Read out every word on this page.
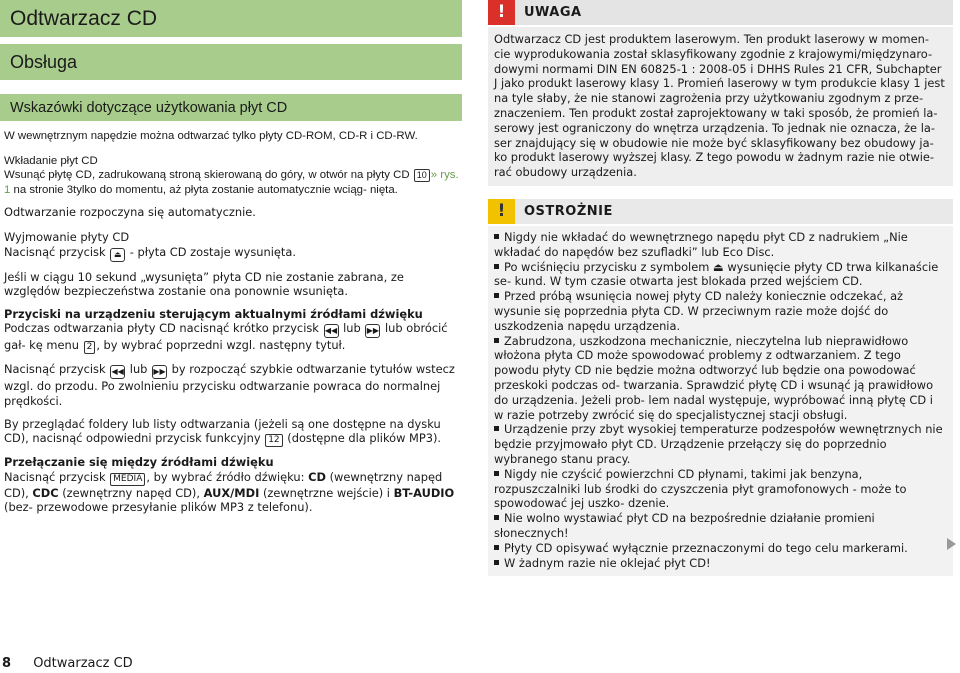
Odtwarzacz CD
Obsługa
Wskazówki dotyczące użytkowania płyt CD

W wewnętrznym napędzie można odtwarzać tylko płyty CD-ROM, CD-R i CD-RW.

Wkładanie płyt CD

Wsunąć płytę CD, zadrukowaną stroną skierowaną do góry, w otwór na płyty CD 10 » rys. 1 na stronie 3tylko do momentu, aż płyta zostanie automatycznie wciąg- nięta.

Odtwarzanie rozpoczyna się automatycznie.

Wyjmowanie płyty CD

Nacisnąć przycisk ⏏ - płyta CD zostaje wysunięta.

Jeśli w ciągu 10 sekund „wysunięta” płyta CD nie zostanie zabrana, ze względów bezpieczeństwa zostanie ona ponownie wsunięta.

Przyciski na urządzeniu sterującym aktualnymi źródłami dźwięku

Podczas odtwarzania płyty CD nacisnąć krótko przycisk ◀◀ lub ▶▶ lub obrócić gał- kę menu 2 , by wybrać poprzedni wzgl. następny tytuł.

Nacisnąć przycisk ◀◀ lub ▶▶ by rozpocząć szybkie odtwarzanie tytułów wstecz wzgl. do przodu. Po zwolnieniu przycisku odtwarzanie powraca do normalnej prędkości.

By przeglądać foldery lub listy odtwarzania (jeżeli są one dostępne na dysku CD), nacisnąć odpowiedni przycisk funkcyjny 12 (dostępne dla plików MP3).

Przełączanie się między źródłami dźwięku

Nacisnąć przycisk MEDIA , by wybrać źródło dźwięku: CD (wewnętrzny napęd CD), CDC (zewnętrzny napęd CD), AUX/MDI (zewnętrzne wejście) i BT-AUDIO (bez- przewodowe przesyłanie plików MP3 z telefonu).

!	UWAGA
Odtwarzacz CD jest produktem laserowym. Ten produkt laserowy w momen- cie wyprodukowania został sklasyfikowany zgodnie z krajowymi/międzynaro- dowymi normami DIN EN 60825-1 : 2008-05 i DHHS Rules 21 CFR, Subchapter J jako produkt laserowy klasy 1. Promień laserowy w tym produkcie klasy 1 jest na tyle słaby, że nie stanowi zagrożenia przy użytkowaniu zgodnym z prze- znaczeniem. Ten produkt został zaprojektowany w taki sposób, że promień la- serowy jest ograniczony do wnętrza urządzenia. To jednak nie oznacza, że la- ser znajdujący się w obudowie nie może być sklasyfikowany bez obudowy ja- ko produkt laserowy wyższej klasy. Z tego powodu w żadnym razie nie otwie- rać obudowy urządzenia.
!	OSTROŻNIE

Nigdy nie wkładać do wewnętrznego napędu płyt CD z nadrukiem „Nie wkładać do napędów bez szufladki” lub Eco Disc.

Po wciśnięciu przycisku z symbolem ⏏ wysunięcie płyty CD trwa kilkanaście se- kund. W tym czasie otwarta jest blokada przed wejściem CD.

Przed próbą wsunięcia nowej płyty CD należy koniecznie odczekać, aż wysunie się poprzednia płyta CD. W przeciwnym razie może dojść do uszkodzenia napędu urządzenia.

Zabrudzona, uszkodzona mechanicznie, nieczytelna lub nieprawidłowo włożona płyta CD może spowodować problemy z odtwarzaniem. Z tego powodu płyty CD nie będzie można odtworzyć lub będzie ona powodować przeskoki podczas od- twarzania. Sprawdzić płytę CD i wsunąć ją prawidłowo do urządzenia. Jeżeli prob- lem nadal występuje, wypróbować inną płytę CD i w razie potrzeby zwrócić się do specjalistycznej stacji obsługi.

Urządzenie przy zbyt wysokiej temperaturze podzespołów wewnętrznych nie będzie przyjmowało płyt CD. Urządzenie przełączy się do poprzednio wybranego stanu pracy.

Nigdy nie czyścić powierzchni CD płynami, takimi jak benzyna, rozpuszczalniki lub środki do czyszczenia płyt gramofonowych - może to spowodować jej uszko- dzenie.

Nie wolno wystawiać płyt CD na bezpośrednie działanie promieni słonecznych!

Płyty CD opisywać wyłącznie przeznaczonymi do tego celu markerami.

W żadnym razie nie oklejać płyt CD!

8 Odtwarzacz CD
